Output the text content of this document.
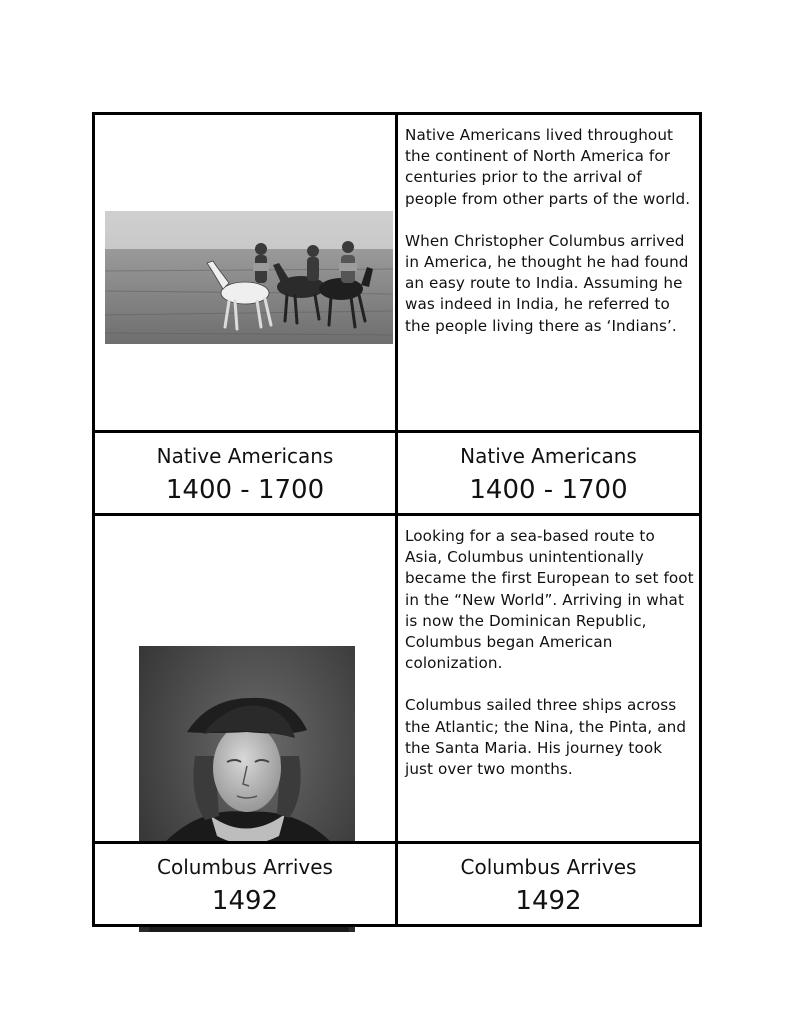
Native Americans lived throughout the continent of North America for centuries prior to the arrival of people from other parts of the world.

When Christopher Columbus arrived in America, he thought he had found an easy route to India. Assuming he was indeed in India, he referred to the people living there as ‘Indians’.

Native Americans
1400 - 1700
Native Americans
1400 - 1700

Looking for a sea-based route to Asia, Columbus unintentionally became the first European to set foot in the “New World”. Arriving in what is now the Dominican Republic, Columbus began American colonization.

Columbus sailed three ships across the Atlantic; the Nina, the Pinta, and the Santa Maria. His journey took just over two months.

Columbus Arrives
1492
Columbus Arrives
1492
